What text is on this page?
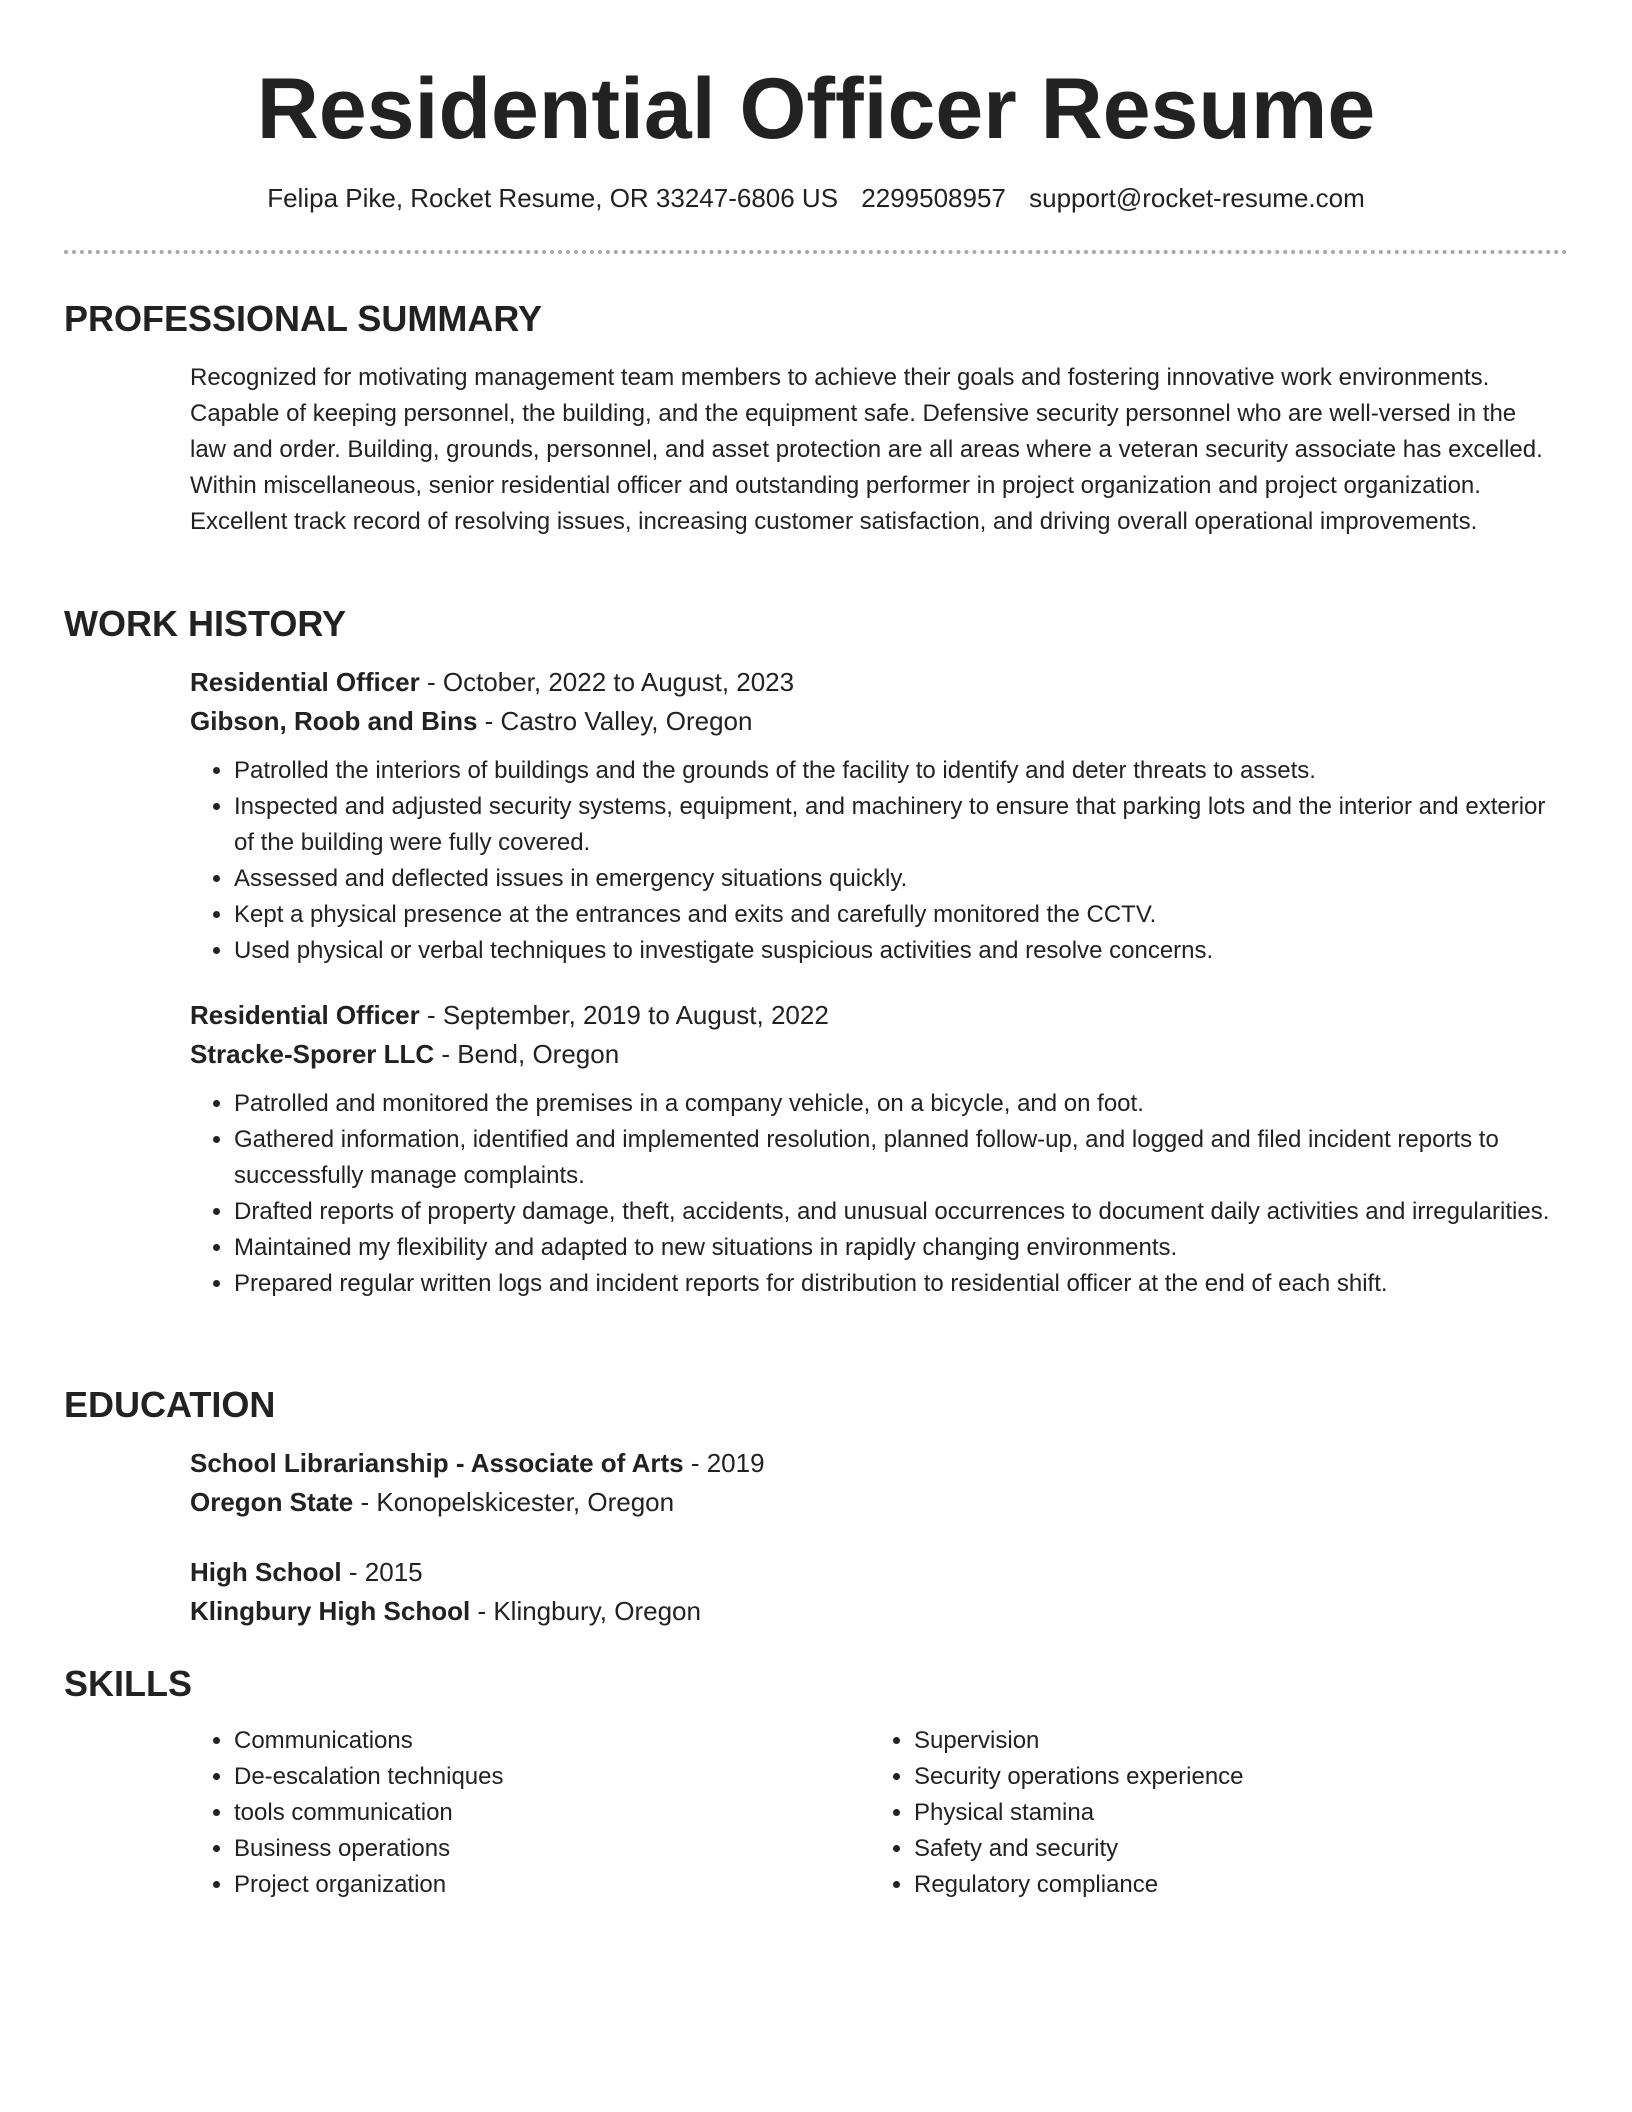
Residential Officer Resume
Felipa Pike, Rocket Resume, OR 33247-6806 US 2299508957 support@rocket-resume.com
PROFESSIONAL SUMMARY

Recognized for motivating management team members to achieve their goals and fostering innovative work environments. Capable of keeping personnel, the building, and the equipment safe. Defensive security personnel who are well-versed in the law and order. Building, grounds, personnel, and asset protection are all areas where a veteran security associate has excelled. Within miscellaneous, senior residential officer and outstanding performer in project organization and project organization. Excellent track record of resolving issues, increasing customer satisfaction, and driving overall operational improvements.

WORK HISTORY

Residential Officer - October, 2022 to August, 2023

Gibson, Roob and Bins - Castro Valley, Oregon

• Patrolled the interiors of buildings and the grounds of the facility to identify and deter threats to assets.
• Inspected and adjusted security systems, equipment, and machinery to ensure that parking lots and the interior and exterior of the building were fully covered.
• Assessed and deflected issues in emergency situations quickly.
• Kept a physical presence at the entrances and exits and carefully monitored the CCTV.
• Used physical or verbal techniques to investigate suspicious activities and resolve concerns.

Residential Officer - September, 2019 to August, 2022

Stracke-Sporer LLC - Bend, Oregon

• Patrolled and monitored the premises in a company vehicle, on a bicycle, and on foot.
• Gathered information, identified and implemented resolution, planned follow-up, and logged and filed incident reports to successfully manage complaints.
• Drafted reports of property damage, theft, accidents, and unusual occurrences to document daily activities and irregularities.
• Maintained my flexibility and adapted to new situations in rapidly changing environments.
• Prepared regular written logs and incident reports for distribution to residential officer at the end of each shift.
EDUCATION

School Librarianship - Associate of Arts - 2019

Oregon State - Konopelskicester, Oregon

High School - 2015

Klingbury High School - Klingbury, Oregon

SKILLS
• Communications
• De-escalation techniques
• tools communication
• Business operations
• Project organization
• Supervision
• Security operations experience
• Physical stamina
• Safety and security
• Regulatory compliance
